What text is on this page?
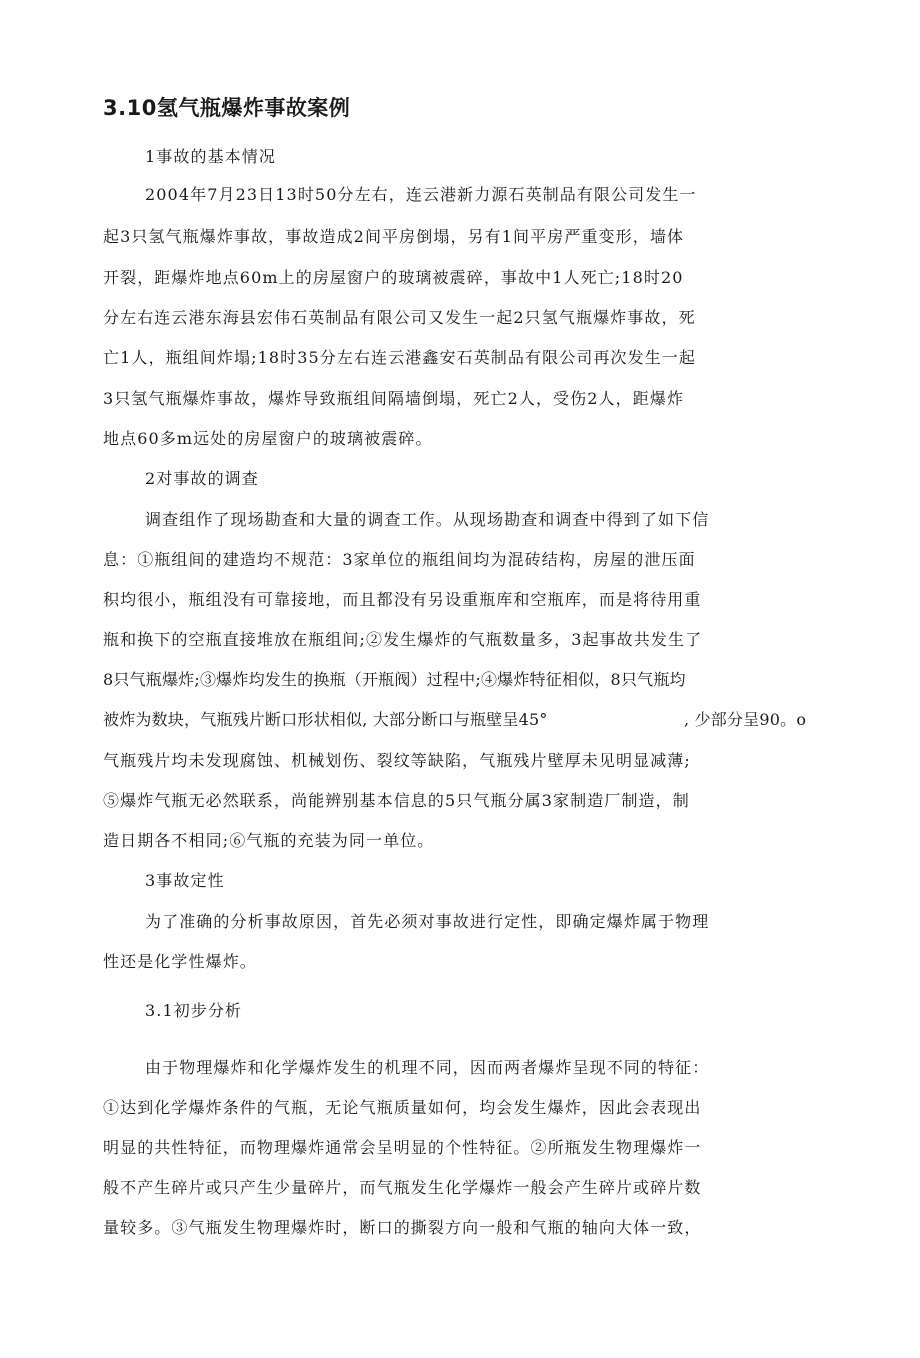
3.10氢气瓶爆炸事故案例
1事故的基本情况
2004年7月23日13时50分左右，连云港新力源石英制品有限公司发生一
起3只氢气瓶爆炸事故，事故造成2间平房倒塌，另有1间平房严重变形，墙体
开裂，距爆炸地点60m上的房屋窗户的玻璃被震碎，事故中1人死亡;18时20
分左右连云港东海县宏伟石英制品有限公司又发生一起2只氢气瓶爆炸事故，死
亡1人，瓶组间炸塌;18时35分左右连云港鑫安石英制品有限公司再次发生一起
3只氢气瓶爆炸事故，爆炸导致瓶组间隔墙倒塌，死亡2人，受伤2人，距爆炸
地点60多m远处的房屋窗户的玻璃被震碎。
2对事故的调查
调查组作了现场勘查和大量的调查工作。从现场勘查和调查中得到了如下信
息：①瓶组间的建造均不规范：3家单位的瓶组间均为混砖结构，房屋的泄压面
积均很小，瓶组没有可靠接地，而且都没有另设重瓶库和空瓶库，而是将待用重
瓶和换下的空瓶直接堆放在瓶组间;②发生爆炸的气瓶数量多，3起事故共发生了
8只气瓶爆炸;③爆炸均发生的换瓶（开瓶阀）过程中;④爆炸特征相似，8只气瓶均
被炸为数块，气瓶残片断口形状相似, 大部分断口与瓶壁呈45°	, 少部分呈90。o
气瓶残片均未发现腐蚀、机械划伤、裂纹等缺陷，气瓶残片壁厚未见明显减薄;
⑤爆炸气瓶无必然联系，尚能辨别基本信息的5只气瓶分属3家制造厂制造，制
造日期各不相同;⑥气瓶的充装为同一单位。
3事故定性
为了准确的分析事故原因，首先必须对事故进行定性，即确定爆炸属于物理
性还是化学性爆炸。
3.1初步分析
由于物理爆炸和化学爆炸发生的机理不同，因而两者爆炸呈现不同的特征：
①达到化学爆炸条件的气瓶，无论气瓶质量如何，均会发生爆炸，因此会表现出
明显的共性特征，而物理爆炸通常会呈明显的个性特征。②所瓶发生物理爆炸一
般不产生碎片或只产生少量碎片，而气瓶发生化学爆炸一般会产生碎片或碎片数
量较多。③气瓶发生物理爆炸时，断口的撕裂方向一般和气瓶的轴向大体一致，
